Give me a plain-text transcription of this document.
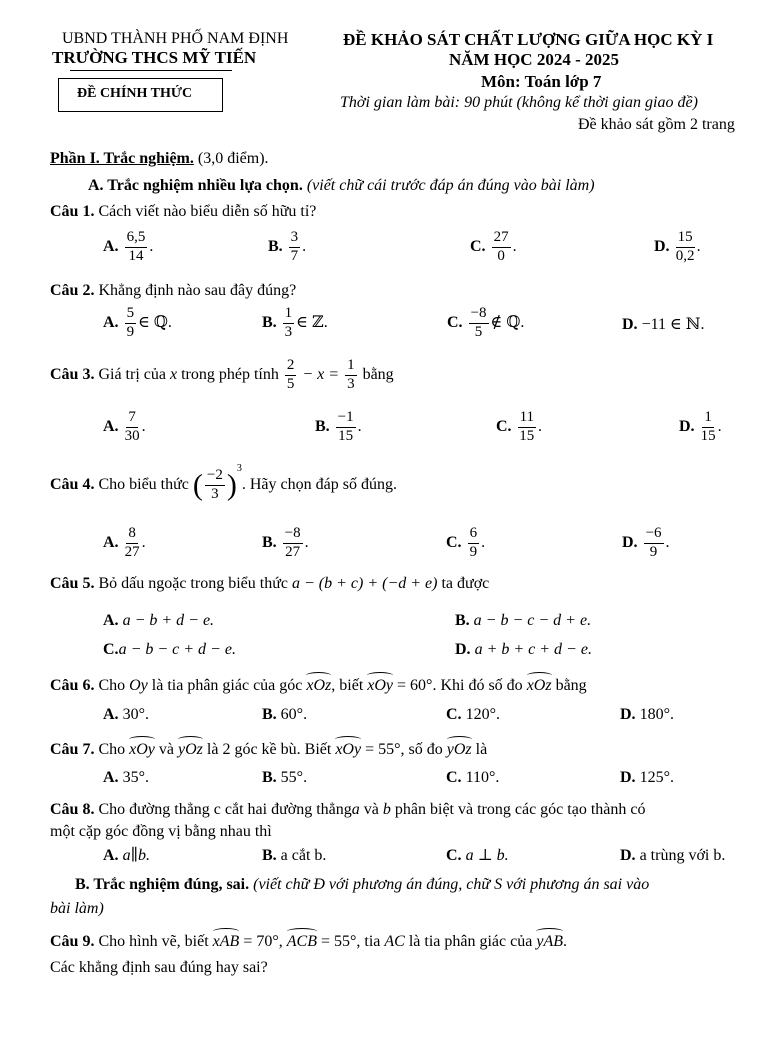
UBND THÀNH PHỐ NAM ĐỊNH
TRƯỜNG THCS MỸ TIẾN
ĐỀ CHÍNH THỨC
ĐỀ KHẢO SÁT CHẤT LƯỢNG GIỮA HỌC KỲ I
NĂM HỌC 2024 - 2025
Môn: Toán lớp 7
Thời gian làm bài: 90 phút (không kể thời gian giao đề)
Đề khảo sát gồm 2 trang
Phần I. Trắc nghiệm. (3,0 điểm).
A. Trắc nghiệm nhiều lựa chọn. (viết chữ cái trước đáp án đúng vào bài làm)
Câu 1. Cách viết nào biểu diễn số hữu tỉ?
A. $\frac{6,5}{14}$ .	B. $\frac{3}{7}$ .	C. $\frac{27}{0}$ .	D. $\frac{15}{0,2}$ .
Câu 2. Khẳng định nào sau đây đúng?
A. $\frac{5}{9}$ ∈ ℚ.	B. $\frac{1}{3}$ ∈ ℤ.	C. $\frac{-8}{5}$ ∉ ℚ.	D. −11 ∈ ℕ.
Câu 3. Giá trị của x trong phép tính $\frac{2}{5} - x = \frac{1}{3}$ bằng
A. $\frac{7}{30}$ .	B. $\frac{-1}{15}$ .	C. $\frac{11}{15}$ .	D. $\frac{1}{15}$ .
Câu 4. Cho biểu thức ( $\frac{-2}{3} )^3$. Hãy chọn đáp số đúng.
A. $\frac{8}{27}$ .	B. $\frac{-8}{27}$ .	C. $\frac{6}{9}$ .	D. $\frac{-6}{9}$ .
Câu 5. Bỏ dấu ngoặc trong biểu thức a − (b + c) + (−d + e) ta được
A. a − b + d − e.	B. a − b − c − d + e.
C.a − b − c + d − e.	D. a + b + c + d − e.
Câu 6. Cho Oy là tia phân giác của góc xOz, biết xOy = 60°. Khi đó số đo xOz bằng
A. 30°.	B. 60°.	C. 120°.	D. 180°.
Câu 7. Cho xOy và yOz là 2 góc kề bù. Biết xOy = 55°, số đo yOz là
A. 35°.	B. 55°.	C. 110°.	D. 125°.
Câu 8. Cho đường thẳng c cắt hai đường thẳnga và b phân biệt và trong các góc tạo thành có
một cặp góc đồng vị bằng nhau thì
A. a∥b.	B. a cắt b.	C. a ⊥ b.	D. a trùng với b.
B. Trắc nghiệm đúng, sai. (viết chữ Đ với phương án đúng, chữ S với phương án sai vào
bài làm)
Câu 9. Cho hình vẽ, biết xAB = 70°, ACB = 55°, tia AC là tia phân giác của yAB.
Các khẳng định sau đúng hay sai?
